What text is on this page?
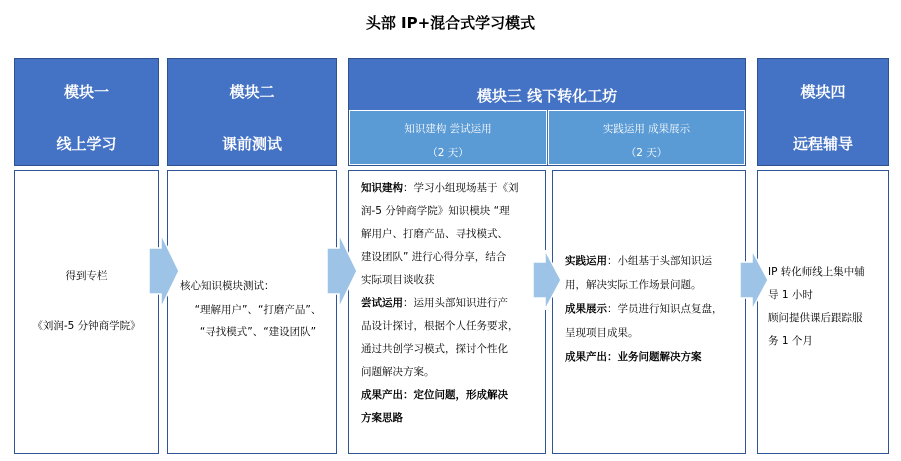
头部 IP+混合式学习模式
模块一
线上学习
模块二
课前测试
模块三 线下转化工坊
知识建构 尝试运用
（2 天）
实践运用 成果展示
（2 天）
模块四
远程辅导
得到专栏
《刘润-5 分钟商学院》
核心知识模块测试：
“理解用户”、“打磨产品”、
“寻找模式”、“建设团队”
知识建构：学习小组现场基于《刘
润-5 分钟商学院》知识模块 “理
解用户、打磨产品、寻找模式、
建设团队” 进行心得分享，结合
实际项目谈收获
尝试运用：运用头部知识进行产
品设计探讨，根据个人任务要求，
通过共创学习模式，探讨个性化
问题解决方案。
成果产出：定位问题，形成解决
方案思路
实践运用：小组基于头部知识运
用，解决实际工作场景问题。
成果展示：学员进行知识点复盘，
呈现项目成果。
成果产出：业务问题解决方案
IP 转化师线上集中辅
导 1 小时
顾问提供课后跟踪服
务 1 个月
